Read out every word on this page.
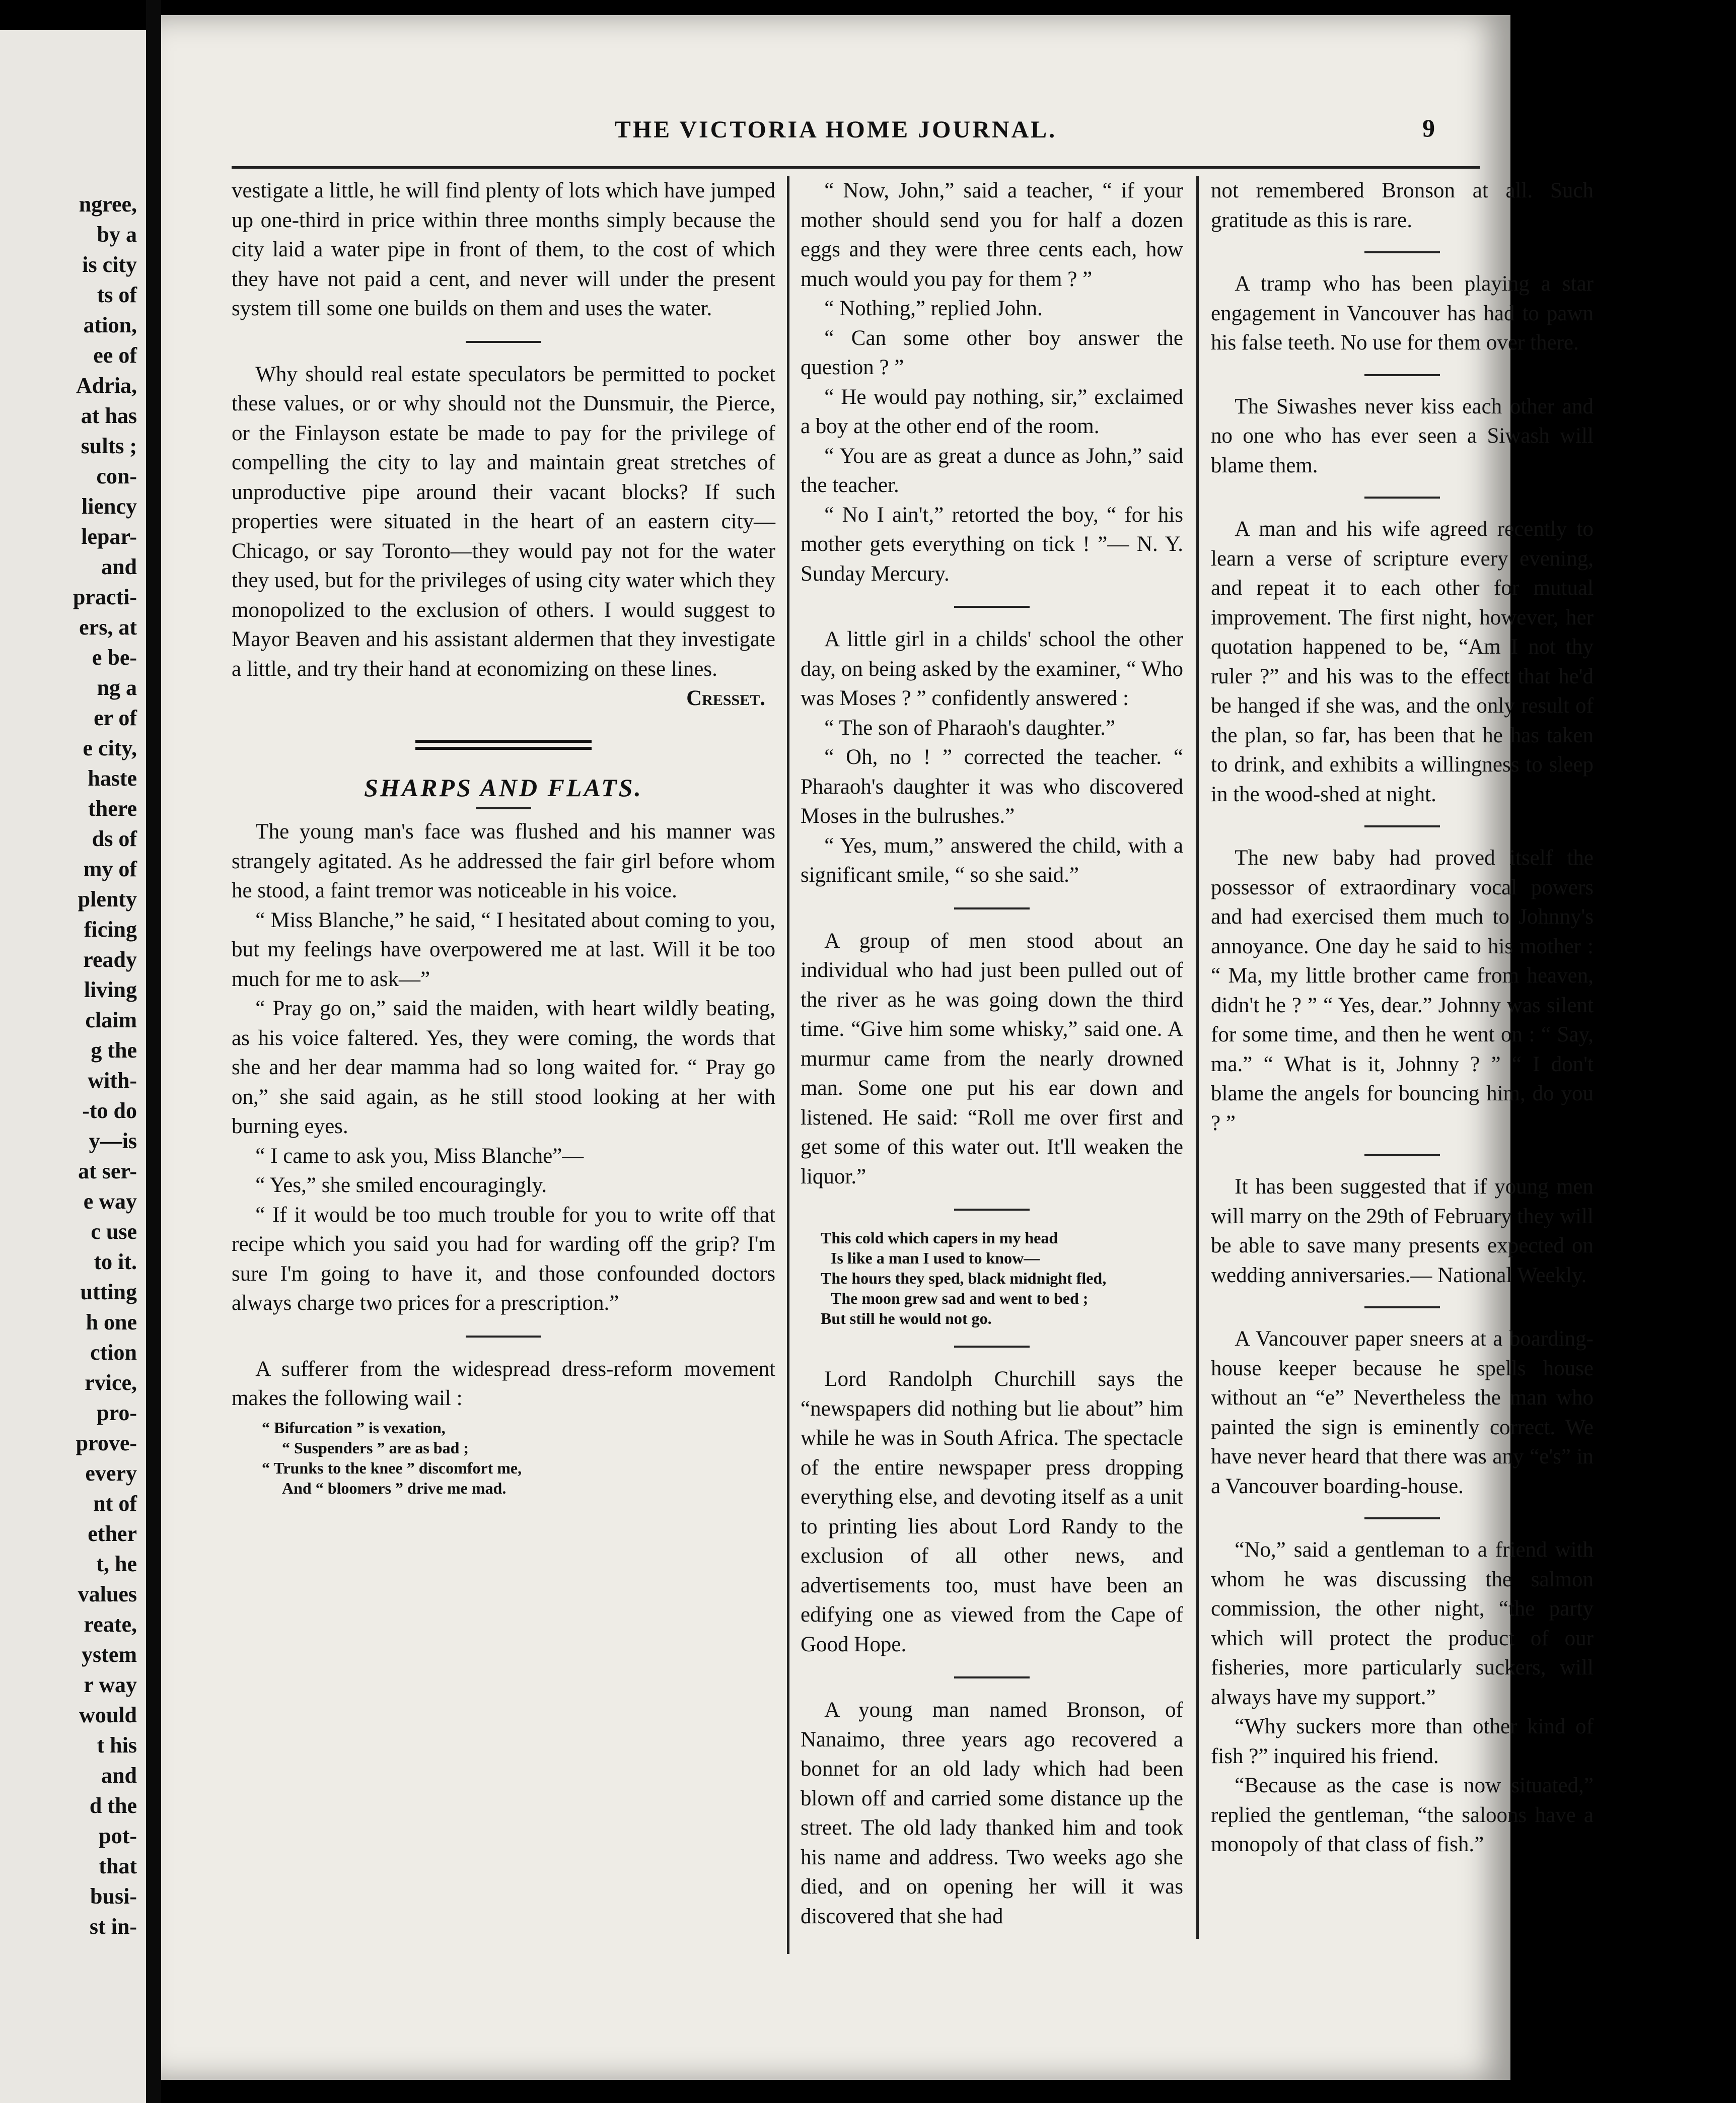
ngree,
by a
is city
ts of
ation,
ee of
Adria,
at has
sults ;
con-
liency
lepar-
and
practi-
ers, at
e be-
ng a
er of
e city,
haste
there
ds of
my of
plenty
ficing
ready
living
claim
g the
with-
-to do
y—is
at ser-
e way
c use
to it.
utting
h one
ction
rvice,
pro-
prove-
every
nt of
ether
t, he
values
reate,
ystem
r way
would
t his
and
d the
pot-
that
busi-
st in-
THE VICTORIA HOME JOURNAL.	9

vestigate a little, he will find plenty of lots which have jumped up one-third in price within three months simply because the city laid a water pipe in front of them, to the cost of which they have not paid a cent, and never will under the present system till some one builds on them and uses the water.

Why should real estate speculators be permitted to pocket these values, or or why should not the Dunsmuir, the Pierce, or the Finlayson estate be made to pay for the privilege of compelling the city to lay and maintain great stretches of unproductive pipe around their vacant blocks? If such properties were situated in the heart of an eastern city—Chicago, or say Toronto—they would pay not for the water they used, but for the privileges of using city water which they monopolized to the exclusion of others. I would suggest to Mayor Beaven and his assistant aldermen that they investigate a little, and try their hand at economizing on these lines.

Cresset.
SHARPS AND FLATS.

The young man's face was flushed and his manner was strangely agitated. As he addressed the fair girl before whom he stood, a faint tremor was noticeable in his voice.

“ Miss Blanche,” he said, “ I hesitated about coming to you, but my feelings have overpowered me at last. Will it be too much for me to ask—”

“ Pray go on,” said the maiden, with heart wildly beating, as his voice faltered. Yes, they were coming, the words that she and her dear mamma had so long waited for. “ Pray go on,” she said again, as he still stood looking at her with burning eyes.

“ I came to ask you, Miss Blanche”—

“ Yes,” she smiled encouragingly.

“ If it would be too much trouble for you to write off that recipe which you said you had for warding off the grip? I'm sure I'm going to have it, and those confounded doctors always charge two prices for a prescription.”

A sufferer from the widespread dress-reform movement makes the following wail :

“ Bifurcation ” is vexation,
“ Suspenders ” are as bad ;
“ Trunks to the knee ” discomfort me,
And “ bloomers ” drive me mad.

“ Now, John,” said a teacher, “ if your mother should send you for half a dozen eggs and they were three cents each, how much would you pay for them ? ”

“ Nothing,” replied John.

“ Can some other boy answer the question ? ”

“ He would pay nothing, sir,” exclaimed a boy at the other end of the room.

“ You are as great a dunce as John,” said the teacher.

“ No I ain't,” retorted the boy, “ for his mother gets everything on tick ! ”— N. Y. Sunday Mercury.

A little girl in a childs' school the other day, on being asked by the examiner, “ Who was Moses ? ” confidently answered :

“ The son of Pharaoh's daughter.”

“ Oh, no ! ” corrected the teacher. “ Pharaoh's daughter it was who discovered Moses in the bulrushes.”

“ Yes, mum,” answered the child, with a significant smile, “ so she said.”

A group of men stood about an individual who had just been pulled out of the river as he was going down the third time. “Give him some whisky,” said one. A murmur came from the nearly drowned man. Some one put his ear down and listened. He said: “Roll me over first and get some of this water out. It'll weaken the liquor.”

This cold which capers in my head
Is like a man I used to know—
The hours they sped, black midnight fled,
The moon grew sad and went to bed ;
But still he would not go.

Lord Randolph Churchill says the “newspapers did nothing but lie about” him while he was in South Africa. The spectacle of the entire newspaper press dropping everything else, and devoting itself as a unit to printing lies about Lord Randy to the exclusion of all other news, and advertisements too, must have been an edifying one as viewed from the Cape of Good Hope.

A young man named Bronson, of Nanaimo, three years ago recovered a bonnet for an old lady which had been blown off and carried some distance up the street. The old lady thanked him and took his name and address. Two weeks ago she died, and on opening her will it was discovered that she had

not remembered Bronson at all. Such gratitude as this is rare.

A tramp who has been playing a star engagement in Vancouver has had to pawn his false teeth. No use for them over there.

The Siwashes never kiss each other and no one who has ever seen a Siwash will blame them.

A man and his wife agreed recently to learn a verse of scripture every evening, and repeat it to each other for mutual improvement. The first night, however, her quotation happened to be, “Am I not thy ruler ?” and his was to the effect that he'd be hanged if she was, and the only result of the plan, so far, has been that he has taken to drink, and exhibits a willingness to sleep in the wood-shed at night.

The new baby had proved itself the possessor of extraordinary vocal powers and had exercised them much to Johnny's annoyance. One day he said to his mother : “ Ma, my little brother came from heaven, didn't he ? ” “ Yes, dear.” Johnny was silent for some time, and then he went on : “ Say, ma.” “ What is it, Johnny ? ” “ I don't blame the angels for bouncing him, do you ? ”

It has been suggested that if young men will marry on the 29th of February they will be able to save many presents expected on wedding anniversaries.— National Weekly.

A Vancouver paper sneers at a boarding-house keeper because he spells house without an “e” Nevertheless the man who painted the sign is eminently correct. We have never heard that there was any “e's” in a Vancouver boarding-house.

“No,” said a gentleman to a friend with whom he was discussing the salmon commission, the other night, “the party which will protect the product of our fisheries, more particularly suckers, will always have my support.”

“Why suckers more than other kind of fish ?” inquired his friend.

“Because as the case is now situated,” replied the gentleman, “the saloons have a monopoly of that class of fish.”
